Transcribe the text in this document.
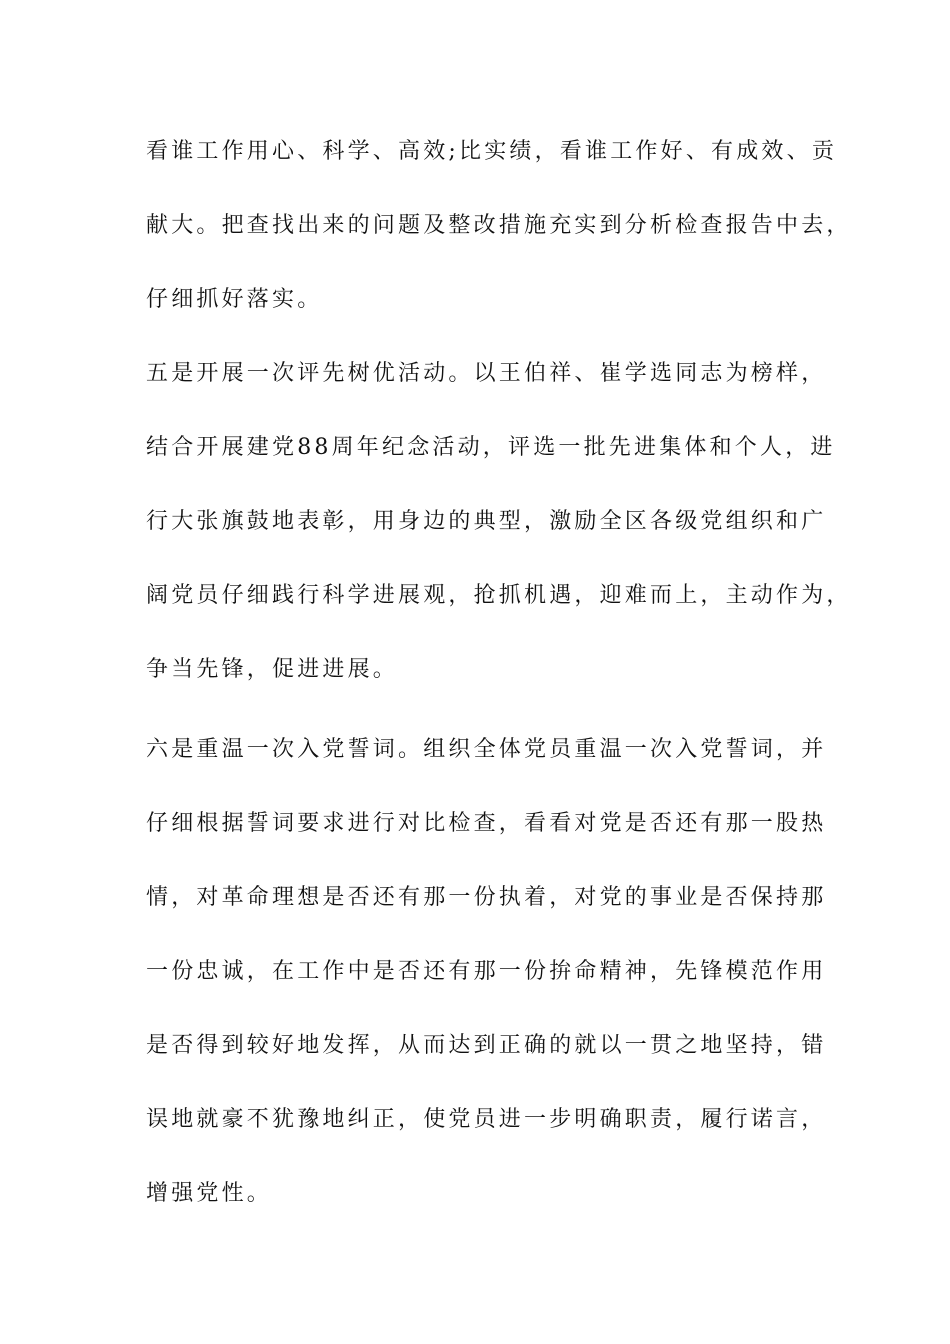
看谁工作用心、科学、高效;比实绩，看谁工作好、有成效、贡
献大。把查找出来的问题及整改措施充实到分析检查报告中去，
仔细抓好落实。
五是开展一次评先树优活动。以王伯祥、崔学选同志为榜样，
结合开展建党88周年纪念活动，评选一批先进集体和个人，进
行大张旗鼓地表彰，用身边的典型，激励全区各级党组织和广
阔党员仔细践行科学进展观，抢抓机遇，迎难而上，主动作为，
争当先锋，促进进展。
六是重温一次入党誓词。组织全体党员重温一次入党誓词，并
仔细根据誓词要求进行对比检查，看看对党是否还有那一股热
情，对革命理想是否还有那一份执着，对党的事业是否保持那
一份忠诚，在工作中是否还有那一份拚命精神，先锋模范作用
是否得到较好地发挥，从而达到正确的就以一贯之地坚持，错
误地就豪不犹豫地纠正，使党员进一步明确职责，履行诺言，
增强党性。
